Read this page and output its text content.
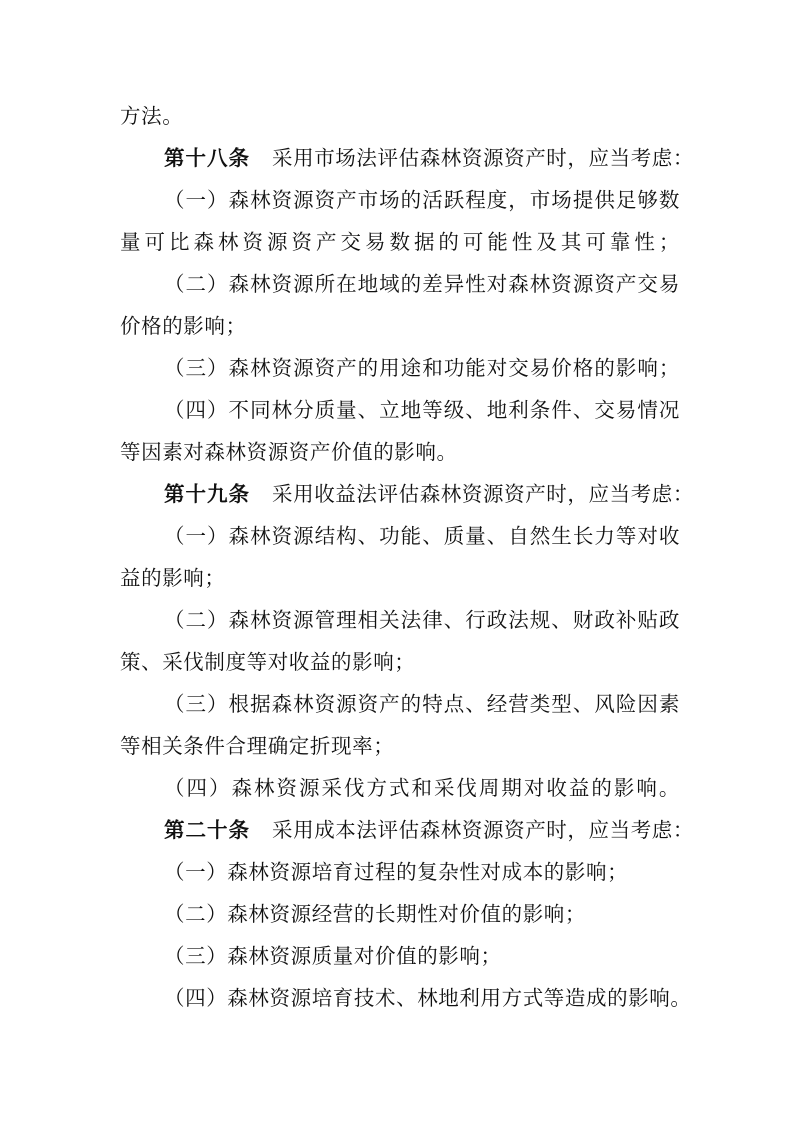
方法。
第十八条 采用市场法评估森林资源资产时，应当考虑：
（一）森林资源资产市场的活跃程度，市场提供足够数
量可比森林资源资产交易数据的可能性及其可靠性；
（二）森林资源所在地域的差异性对森林资源资产交易
价格的影响；
（三）森林资源资产的用途和功能对交易价格的影响；
（四）不同林分质量、立地等级、地利条件、交易情况
等因素对森林资源资产价值的影响。
第十九条 采用收益法评估森林资源资产时，应当考虑：
（一）森林资源结构、功能、质量、自然生长力等对收
益的影响；
（二）森林资源管理相关法律、行政法规、财政补贴政
策、采伐制度等对收益的影响；
（三）根据森林资源资产的特点、经营类型、风险因素
等相关条件合理确定折现率；
（四）森林资源采伐方式和采伐周期对收益的影响。
第二十条 采用成本法评估森林资源资产时，应当考虑：
（一）森林资源培育过程的复杂性对成本的影响；
（二）森林资源经营的长期性对价值的影响；
（三）森林资源质量对价值的影响；
（四）森林资源培育技术、林地利用方式等造成的影响。
